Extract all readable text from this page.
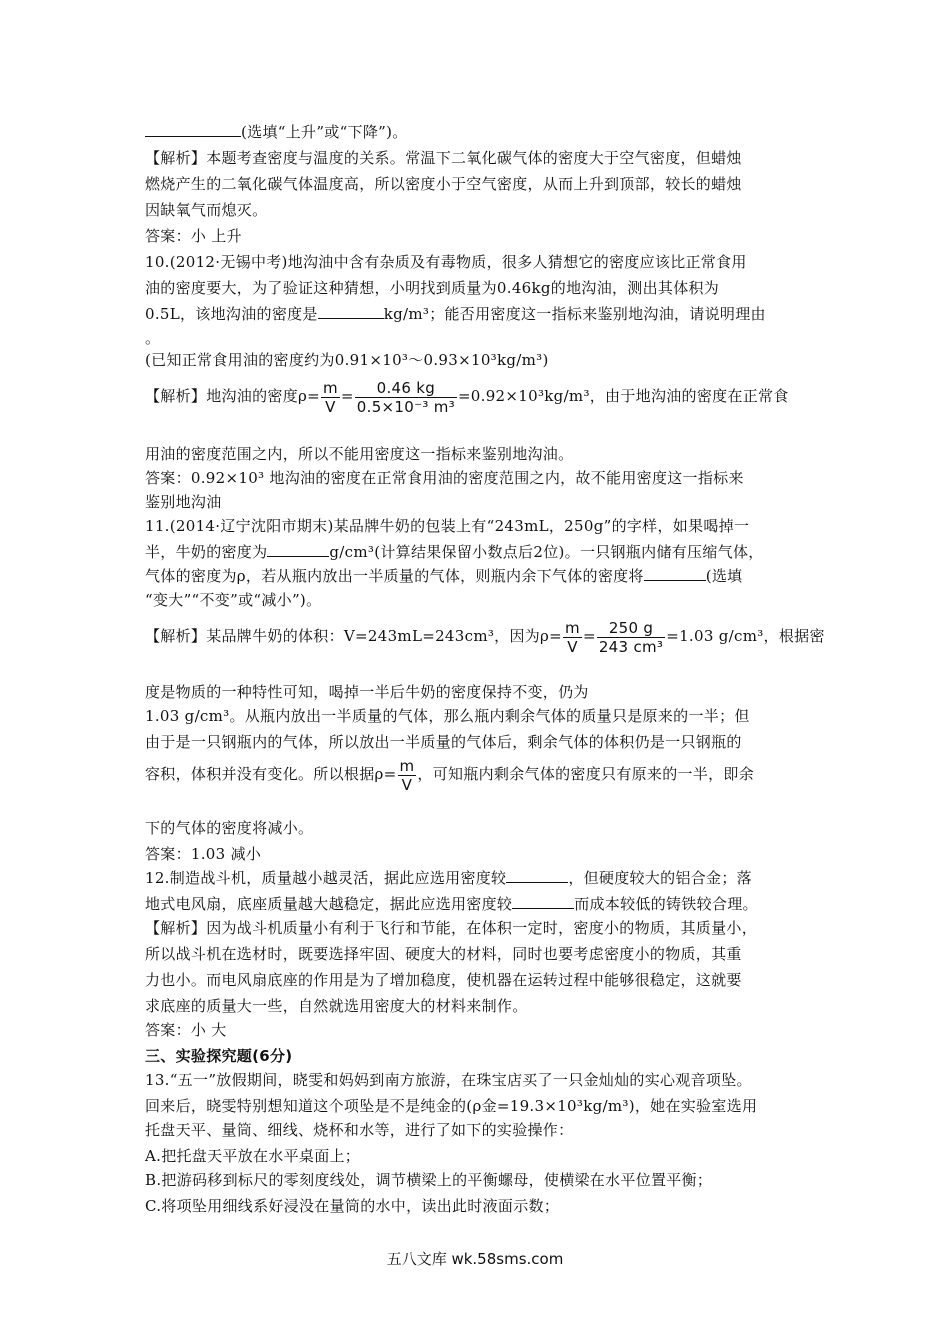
(选填“上升”或“下降”)。
【解析】本题考查密度与温度的关系。常温下二氧化碳气体的密度大于空气密度，但蜡烛
燃烧产生的二氧化碳气体温度高，所以密度小于空气密度，从而上升到顶部，较长的蜡烛
因缺氧气而熄灭。
答案：小 上升
10.(2012·无锡中考)地沟油中含有杂质及有毒物质，很多人猜想它的密度应该比正常食用
油的密度要大，为了验证这种猜想，小明找到质量为0.46kg的地沟油，测出其体积为
0.5L，该地沟油的密度是	kg/m³；能否用密度这一指标来鉴别地沟油，请说明理由
。
(已知正常食用油的密度约为0.91×10³～0.93×10³kg/m³)
【解析】地沟油的密度$\rho= \frac{m}{V} = \frac{0.46 kg}{\text{0.5×10⁻³ m³}} =0.92\times 10^3kg/m^3$，由于地沟油的密度在正常食
用油的密度范围之内，所以不能用密度这一指标来鉴别地沟油。
答案：0.92×10³ 地沟油的密度在正常食用油的密度范围之内，故不能用密度这一指标来
鉴别地沟油
11.(2014·辽宁沈阳市期末)某品牌牛奶的包装上有“243mL，250g”的字样，如果喝掉一
半，牛奶的密度为	g/cm³(计算结果保留小数点后2位)。一只钢瓶内储有压缩气体，
气体的密度为ρ，若从瓶内放出一半质量的气体，则瓶内余下气体的密度将	(选填
“变大”“不变”或“减小”)。
【解析】某品牌牛奶的体积：V=243mL=243cm³，因为$\rho= \frac{m}{V} = \frac{250 g}{\text{243 cm³}} =1.03$ g/cm³，根据密
度是物质的一种特性可知，喝掉一半后牛奶的密度保持不变，仍为
1.03 g/cm³。从瓶内放出一半质量的气体，那么瓶内剩余气体的质量只是原来的一半；但
由于是一只钢瓶内的气体，所以放出一半质量的气体后，剩余气体的体积仍是一只钢瓶的
容积，体积并没有变化。所以根据$\rho= \frac{m}{V}$ ，可知瓶内剩余气体的密度只有原来的一半，即余
下的气体的密度将减小。
答案：1.03 减小
12.制造战斗机，质量越小越灵活，据此应选用密度较	，但硬度较大的铝合金；落
地式电风扇，底座质量越大越稳定，据此应选用密度较	而成本较低的铸铁较合理。
【解析】因为战斗机质量小有利于飞行和节能，在体积一定时，密度小的物质，其质量小，
所以战斗机在选材时，既要选择牢固、硬度大的材料，同时也要考虑密度小的物质，其重
力也小。而电风扇底座的作用是为了增加稳度，使机器在运转过程中能够很稳定，这就要
求底座的质量大一些，自然就选用密度大的材料来制作。
答案：小 大
三、实验探究题(6分)
13.“五一”放假期间，晓雯和妈妈到南方旅游，在珠宝店买了一只金灿灿的实心观音项坠。
回来后，晓雯特别想知道这个项坠是不是纯金的(ρ金=19.3×10³kg/m³)，她在实验室选用
托盘天平、量筒、细线、烧杯和水等，进行了如下的实验操作：
A.把托盘天平放在水平桌面上；
B.把游码移到标尺的零刻度线处，调节横梁上的平衡螺母，使横梁在水平位置平衡；
C.将项坠用细线系好浸没在量筒的水中，读出此时液面示数；
五八文库 wk.58sms.com
